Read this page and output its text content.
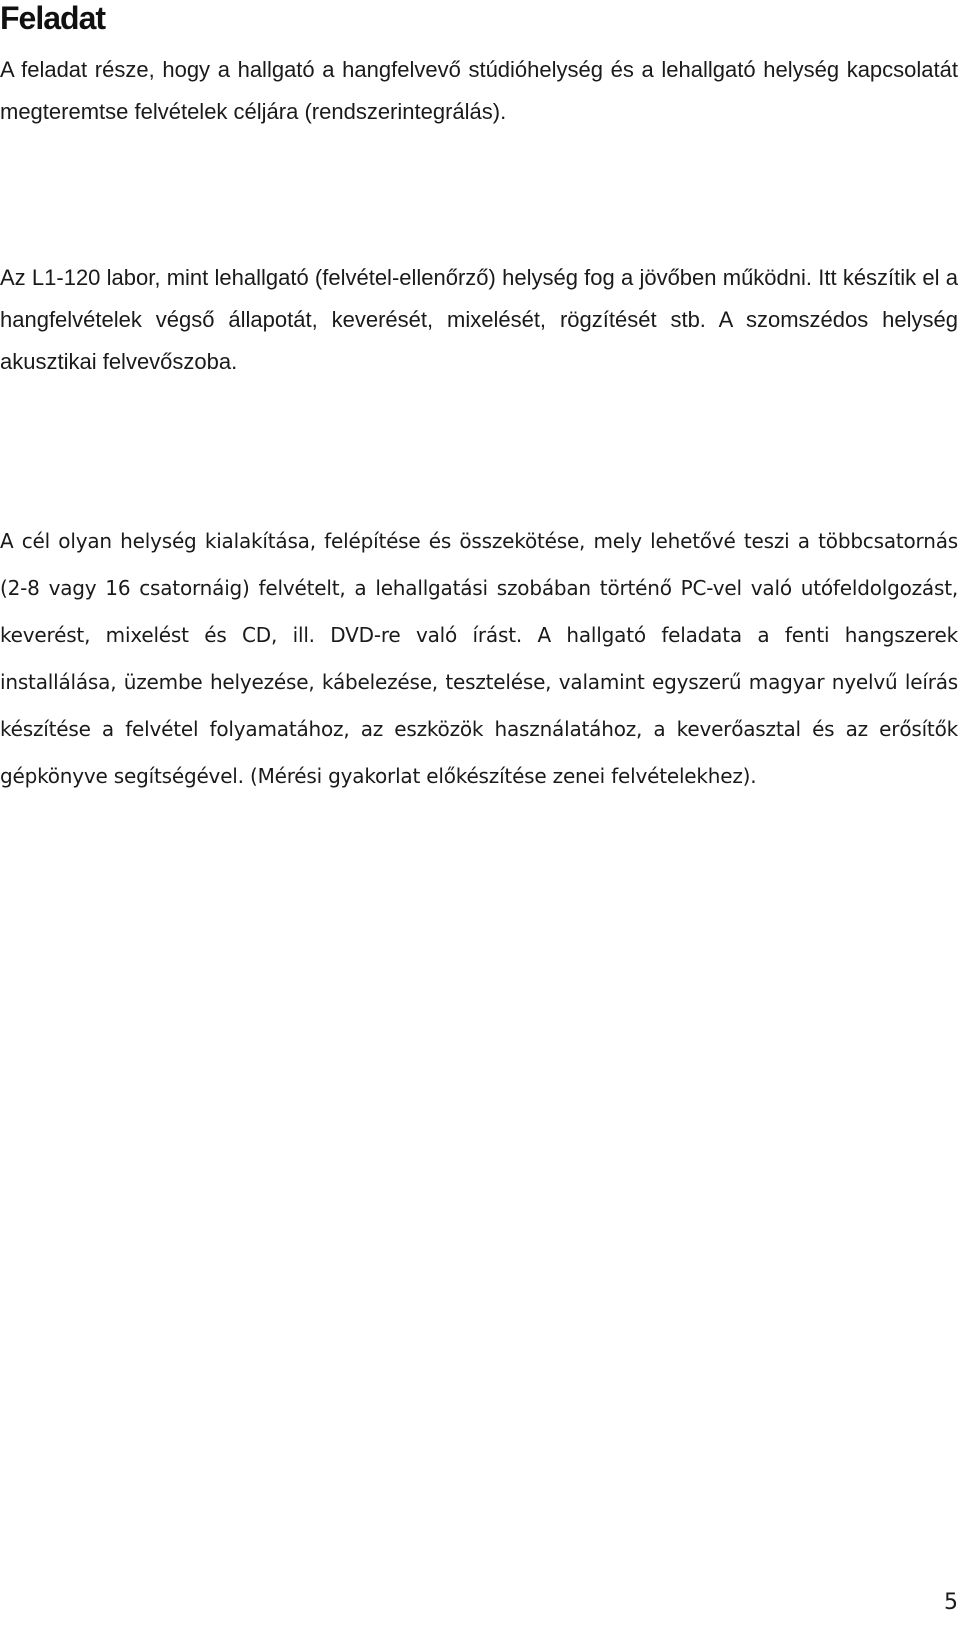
Feladat

A feladat része, hogy a hallgató a hangfelvevő stúdióhelység és a lehallgató helység kapcsolatát megteremtse felvételek céljára (rendszerintegrálás).

Az L1-120 labor, mint lehallgató (felvétel-ellenőrző) helység fog a jövőben működni. Itt készítik el a hangfelvételek végső állapotát, keverését, mixelését, rögzítését stb. A szomszédos helység akusztikai felvevőszoba.

A cél olyan helység kialakítása, felépítése és összekötése, mely lehetővé teszi a többcsatornás (2-8 vagy 16 csatornáig) felvételt, a lehallgatási szobában történő PC-vel való utófeldolgozást, keverést, mixelést és CD, ill. DVD-re való írást. A hallgató feladata a fenti hangszerek installálása, üzembe helyezése, kábelezése, tesztelése, valamint egyszerű magyar nyelvű leírás készítése a felvétel folyamatához, az eszközök használatához, a keverőasztal és az erősítők gépkönyve segítségével. (Mérési gyakorlat előkészítése zenei felvételekhez).

5
